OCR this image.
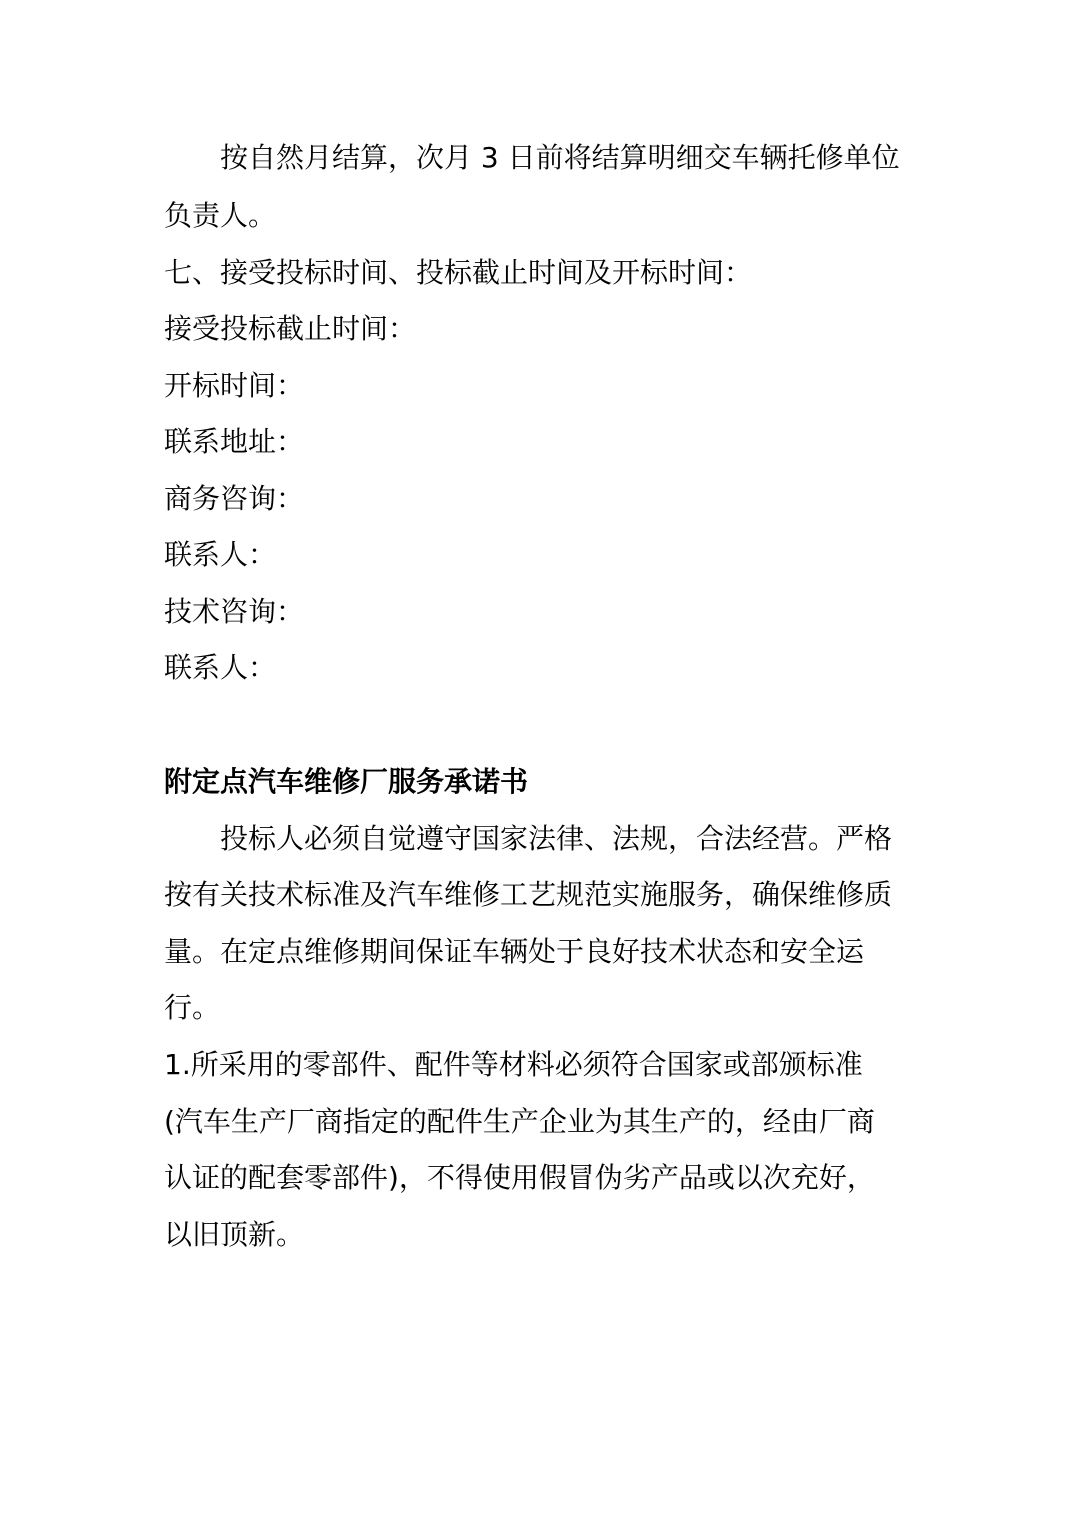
按自然月结算，次月 3 日前将结算明细交车辆托修单位

负责人。

七、接受投标时间、投标截止时间及开标时间：

接受投标截止时间：

开标时间：

联系地址：

商务咨询：

联系人：

技术咨询：

联系人：

附定点汽车维修厂服务承诺书

投标人必须自觉遵守国家法律、法规，合法经营。严格

按有关技术标准及汽车维修工艺规范实施服务，确保维修质

量。在定点维修期间保证车辆处于良好技术状态和安全运

行。

1.所采用的零部件、配件等材料必须符合国家或部颁标准

(汽车生产厂商指定的配件生产企业为其生产的，经由厂商

认证的配套零部件)，不得使用假冒伪劣产品或以次充好，

以旧顶新。
